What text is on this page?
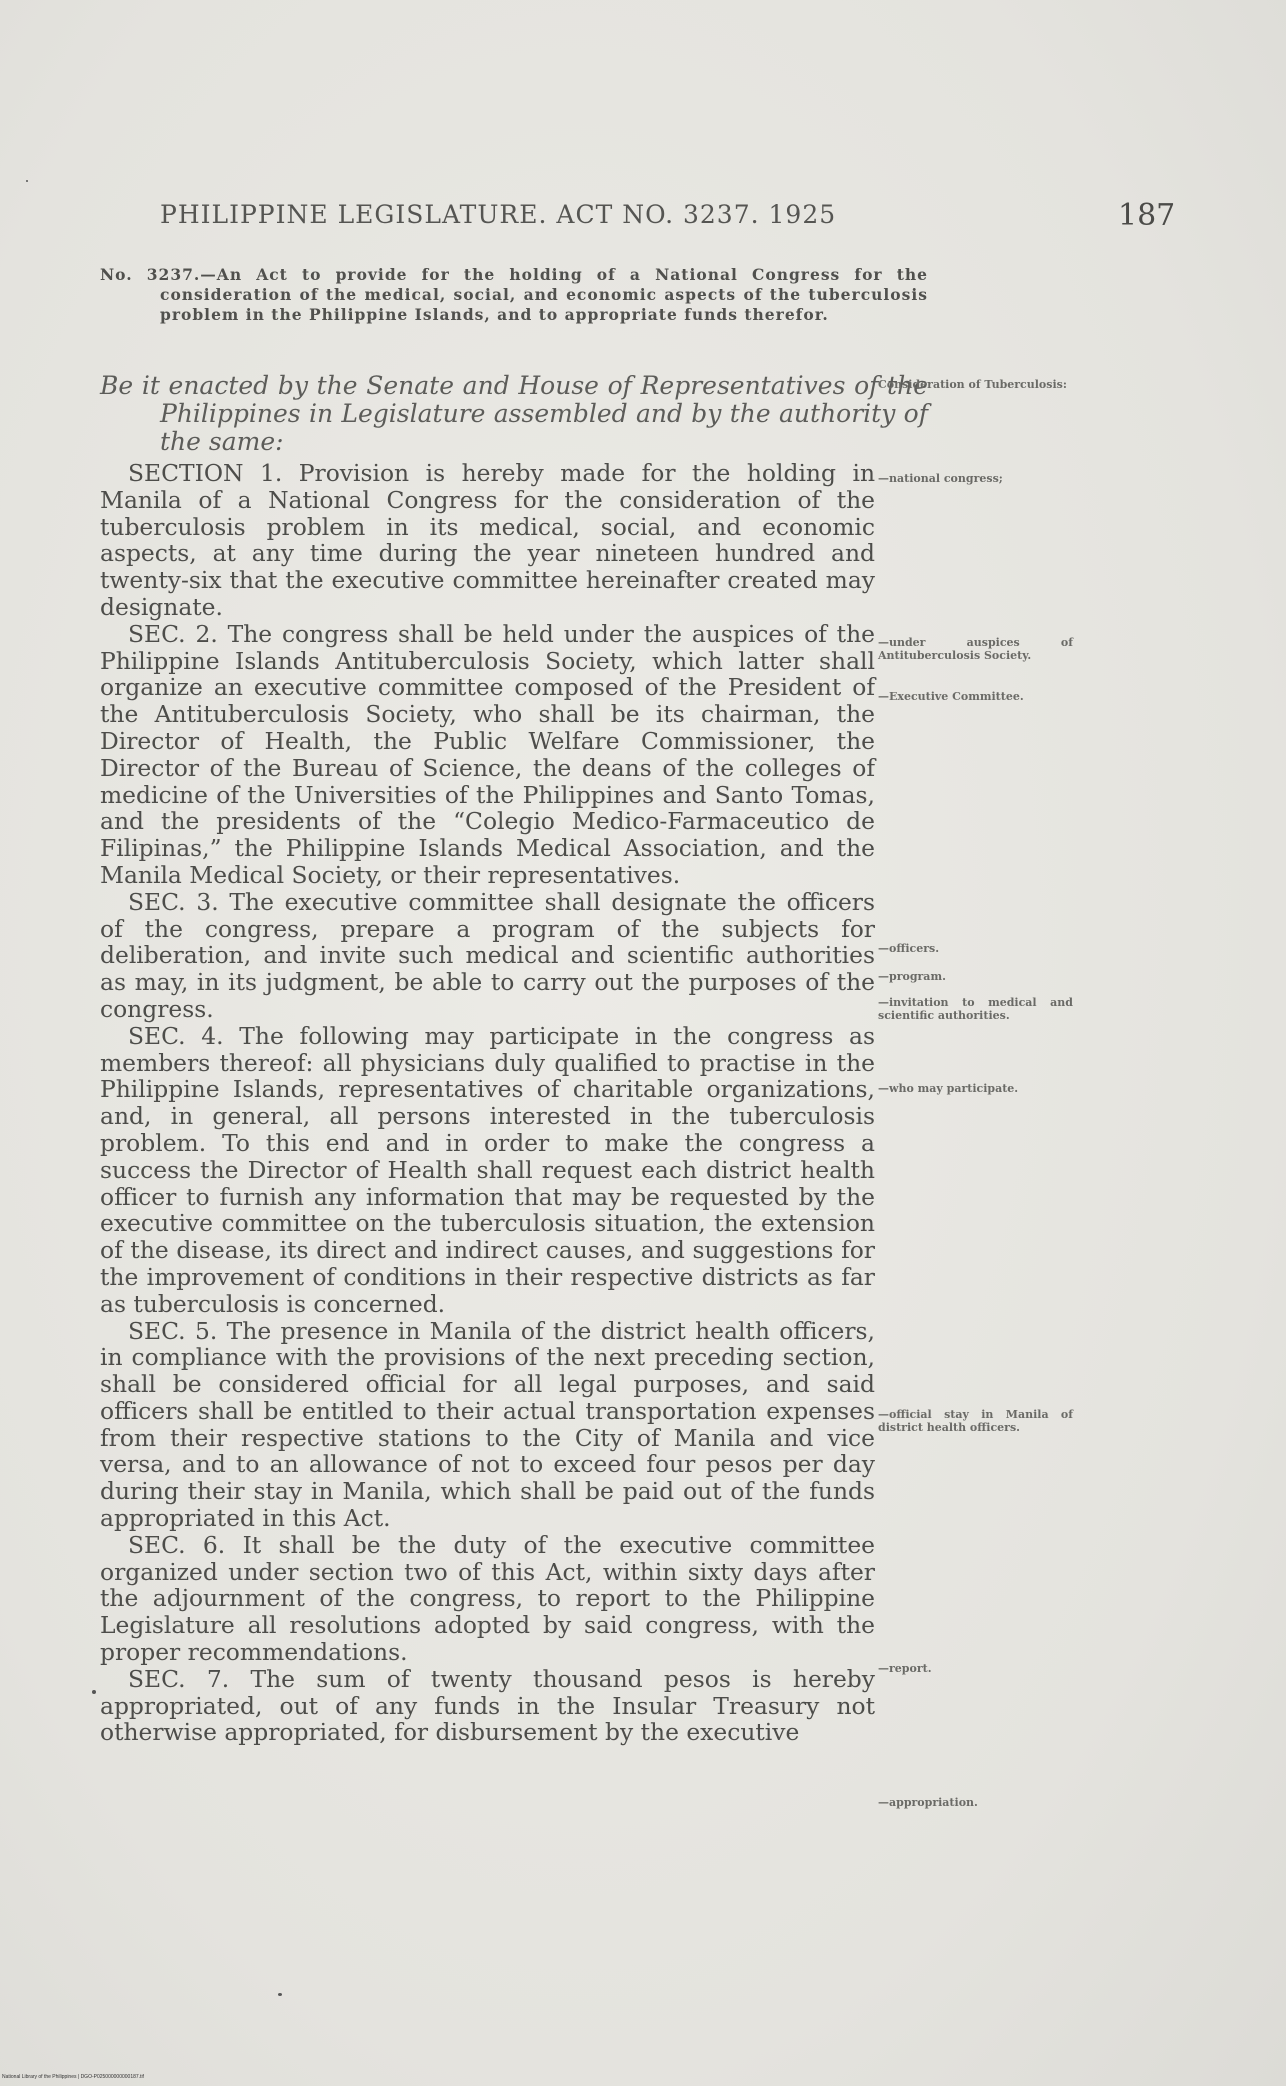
PHILIPPINE LEGISLATURE. ACT NO. 3237. 1925	187
No. 3237.—An Act to provide for the holding of a National Congress for the consideration of the medical, social, and economic aspects of the tuberculosis problem in the Philippine Islands, and to appropriate funds therefor.
Be it enacted by the Senate and House of Representatives of the Philippines in Legislature assembled and by the authority of the same:

SECTION 1. Provision is hereby made for the holding in Manila of a National Congress for the consideration of the tuberculosis problem in its medical, social, and economic aspects, at any time during the year nineteen hundred and twenty-six that the executive committee hereinafter created may designate.

SEC. 2. The congress shall be held under the auspices of the Philippine Islands Antituberculosis Society, which latter shall organize an executive committee composed of the President of the Antituberculosis Society, who shall be its chairman, the Director of Health, the Public Welfare Commissioner, the Director of the Bureau of Science, the deans of the colleges of medicine of the Universities of the Philippines and Santo Tomas, and the presidents of the “Colegio Medico-Farmaceutico de Filipinas,” the Philippine Islands Medical Association, and the Manila Medical Society, or their representatives.

SEC. 3. The executive committee shall designate the officers of the congress, prepare a program of the subjects for deliberation, and invite such medical and scientific authorities as may, in its judgment, be able to carry out the purposes of the congress.

SEC. 4. The following may participate in the congress as members thereof: all physicians duly qualified to practise in the Philippine Islands, representatives of charitable organizations, and, in general, all persons interested in the tuberculosis problem. To this end and in order to make the congress a success the Director of Health shall request each district health officer to furnish any information that may be requested by the executive committee on the tuberculosis situation, the extension of the disease, its direct and indirect causes, and suggestions for the improvement of conditions in their respective districts as far as tuberculosis is concerned.

SEC. 5. The presence in Manila of the district health officers, in compliance with the provisions of the next preceding section, shall be considered official for all legal purposes, and said officers shall be entitled to their actual transportation expenses from their respective stations to the City of Manila and vice versa, and to an allowance of not to exceed four pesos per day during their stay in Manila, which shall be paid out of the funds appropriated in this Act.

SEC. 6. It shall be the duty of the executive committee organized under section two of this Act, within sixty days after the adjournment of the congress, to report to the Philippine Legislature all resolutions adopted by said congress, with the proper recommendations.

SEC. 7. The sum of twenty thousand pesos is hereby appropriated, out of any funds in the Insular Treasury not otherwise appropriated, for disbursement by the executive

Consideration of Tuberculosis:
—national congress;
—under auspices of Antituberculosis Society.
—Executive Committee.
—officers.
—program.
—invitation to medical and scientific authorities.
—who may participate.
—official stay in Manila of district health officers.
—report.
—appropriation.
National Library of the Philippines | DGO-P025000000000187.tif
